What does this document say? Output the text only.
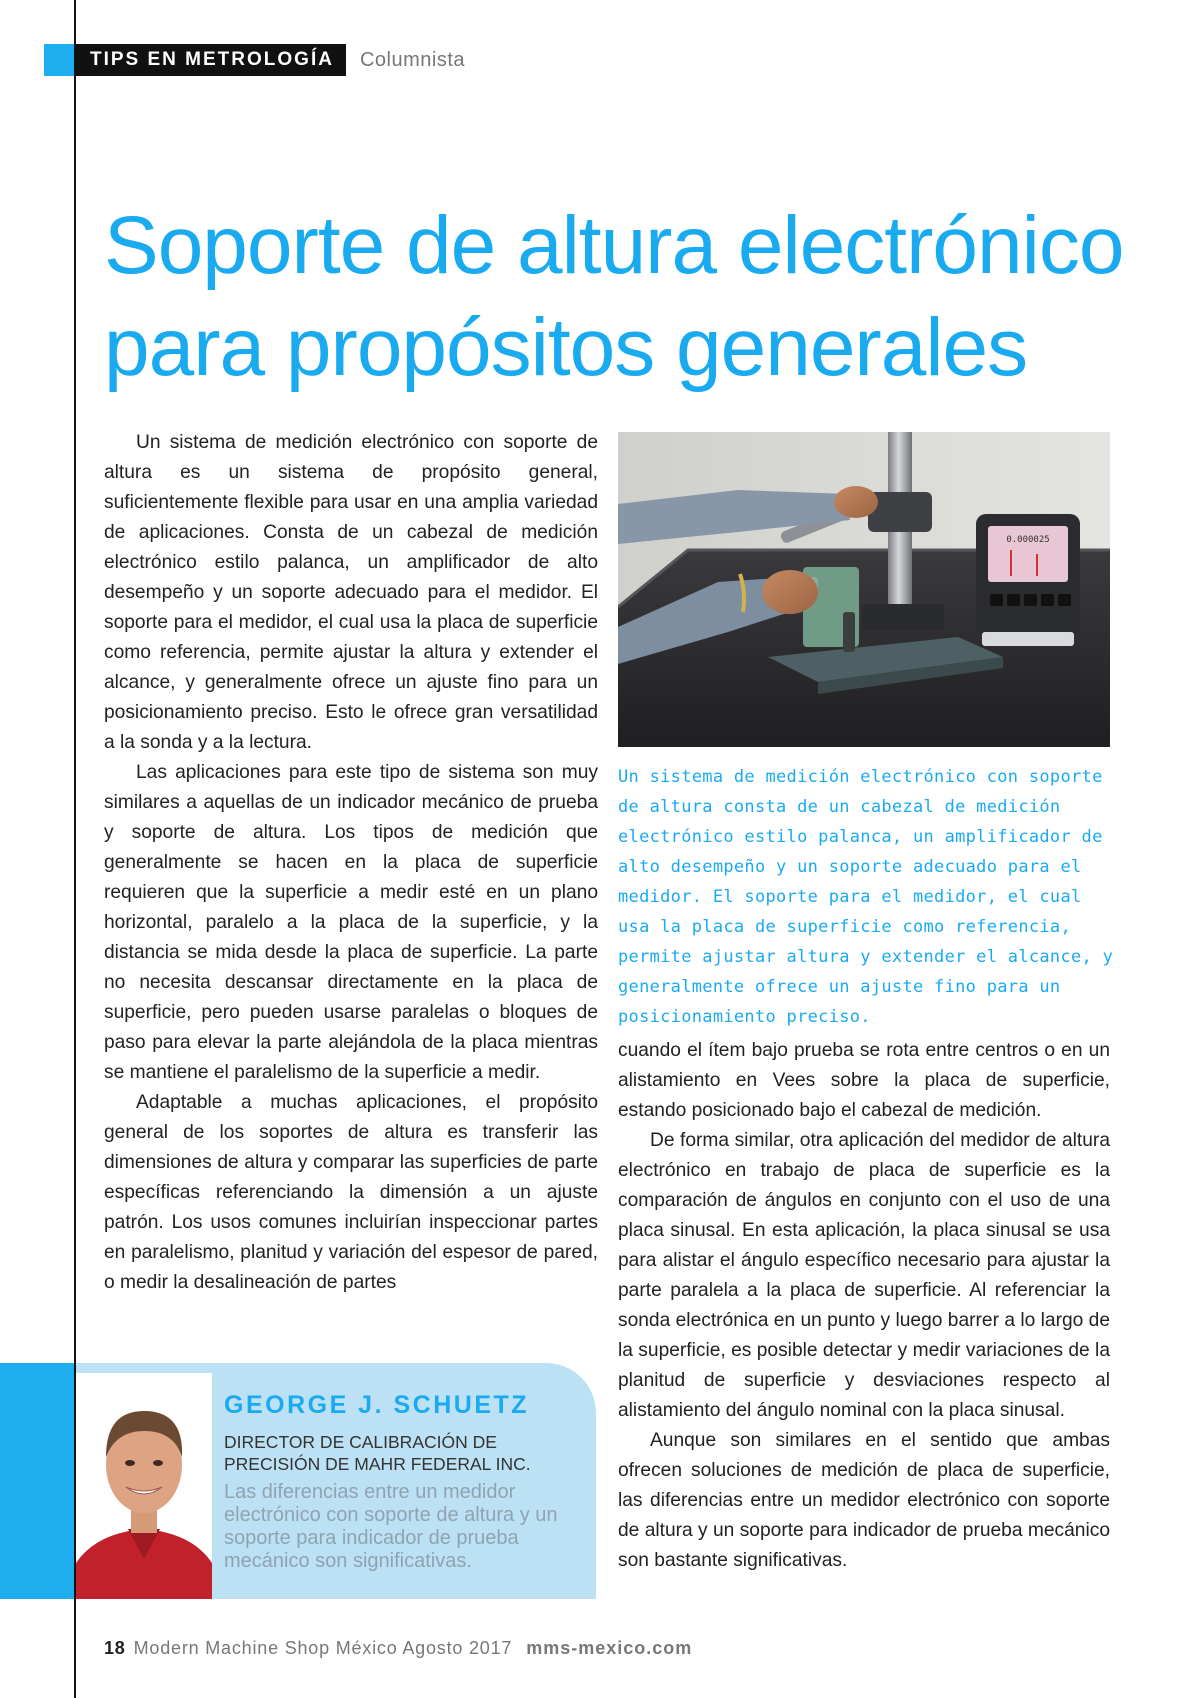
TIPS EN METROLOGÍA	Columnista
Soporte de altura electrónico
para propósitos generales

Un sistema de medición electrónico con soporte de altura es un sistema de propósito general, suficientemente flexible para usar en una amplia variedad de aplicaciones. Consta de un cabezal de medición electrónico estilo palanca, un amplificador de alto desempeño y un soporte adecuado para el medidor. El soporte para el medidor, el cual usa la placa de superficie como referencia, permite ajustar la altura y extender el alcance, y generalmente ofrece un ajuste fino para un posicionamiento preciso. Esto le ofrece gran versatilidad a la sonda y a la lectura.

Las aplicaciones para este tipo de sistema son muy similares a aquellas de un indicador mecánico de prueba y soporte de altura. Los tipos de medición que generalmente se hacen en la placa de superficie requieren que la superficie a medir esté en un plano horizontal, paralelo a la placa de la superficie, y la distancia se mida desde la placa de superficie. La parte no necesita descansar directamente en la placa de superficie, pero pueden usarse paralelas o bloques de paso para elevar la parte alejándola de la placa mientras se mantiene el paralelismo de la superficie a medir.

Adaptable a muchas aplicaciones, el propósito general de los soportes de altura es transferir las dimensiones de altura y comparar las superficies de parte específicas referenciando la dimensión a un ajuste patrón. Los usos comunes incluirían inspeccionar partes en paralelismo, planitud y variación del espesor de pared, o medir la desalineación de partes

0.000025

Un sistema de medición electrónico con soporte de altura consta de un cabezal de medición electrónico estilo palanca, un amplificador de alto desempeño y un soporte adecuado para el medidor. El soporte para el medidor, el cual usa la placa de superficie como referencia, permite ajustar altura y extender el alcance, y generalmente ofrece un ajuste fino para un posicionamiento preciso.

cuando el ítem bajo prueba se rota entre centros o en un alistamiento en Vees sobre la placa de superficie, estando posicionado bajo el cabezal de medición.

De forma similar, otra aplicación del medidor de altura electrónico en trabajo de placa de superficie es la comparación de ángulos en conjunto con el uso de una placa sinusal. En esta aplicación, la placa sinusal se usa para alistar el ángulo específico necesario para ajustar la parte paralela a la placa de superficie. Al referenciar la sonda electrónica en un punto y luego barrer a lo largo de la superficie, es posible detectar y medir variaciones de la planitud de superficie y desviaciones respecto al alistamiento del ángulo nominal con la placa sinusal.

Aunque son similares en el sentido que ambas ofrecen soluciones de medición de placa de superficie, las diferencias entre un medidor electrónico con soporte de altura y un soporte para indicador de prueba mecánico son bastante significativas.

GEORGE J. SCHUETZ

DIRECTOR DE CALIBRACIÓN DE
PRECISIÓN DE MAHR FEDERAL INC.

Las diferencias entre un medidor electrónico con soporte de altura y un soporte para indicador de prueba mecánico son significativas.

18 Modern Machine Shop México Agosto 2017 mms-mexico.com
